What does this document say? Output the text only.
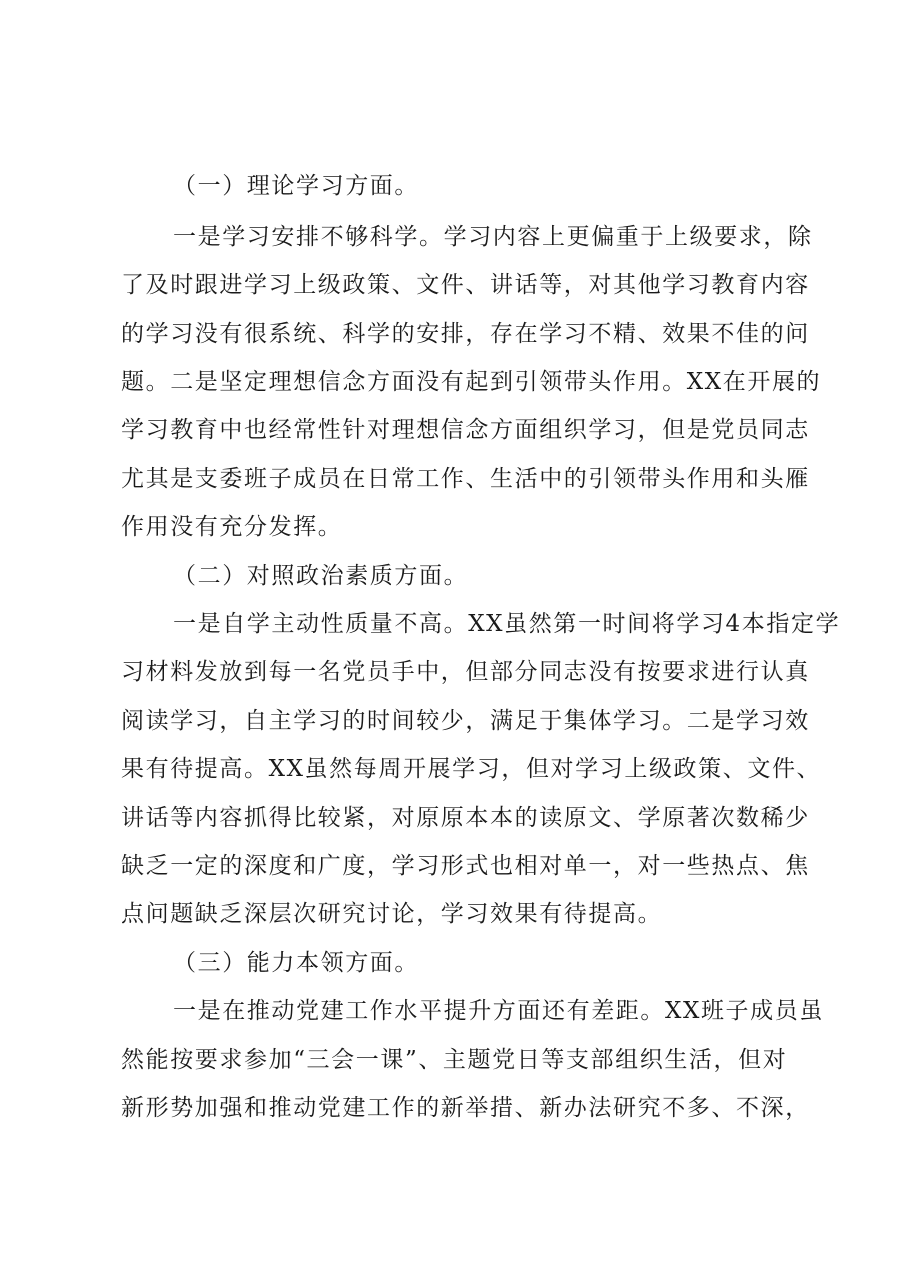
（一）理论学习方面。
一是学习安排不够科学。学习内容上更偏重于上级要求，除
了及时跟进学习上级政策、文件、讲话等，对其他学习教育内容
的学习没有很系统、科学的安排，存在学习不精、效果不佳的问
题。二是坚定理想信念方面没有起到引领带头作用。XX在开展的
学习教育中也经常性针对理想信念方面组织学习，但是党员同志
尤其是支委班子成员在日常工作、生活中的引领带头作用和头雁
作用没有充分发挥。
（二）对照政治素质方面。
一是自学主动性质量不高。XX虽然第一时间将学习4本指定学
习材料发放到每一名党员手中，但部分同志没有按要求进行认真
阅读学习，自主学习的时间较少，满足于集体学习。二是学习效
果有待提高。XX虽然每周开展学习，但对学习上级政策、文件、
讲话等内容抓得比较紧，对原原本本的读原文、学原著次数稀少
缺乏一定的深度和广度，学习形式也相对单一，对一些热点、焦
点问题缺乏深层次研究讨论，学习效果有待提高。
（三）能力本领方面。
一是在推动党建工作水平提升方面还有差距。XX班子成员虽
然能按要求参加“三会一课”、主题党日等支部组织生活，但对
新形势加强和推动党建工作的新举措、新办法研究不多、不深，
